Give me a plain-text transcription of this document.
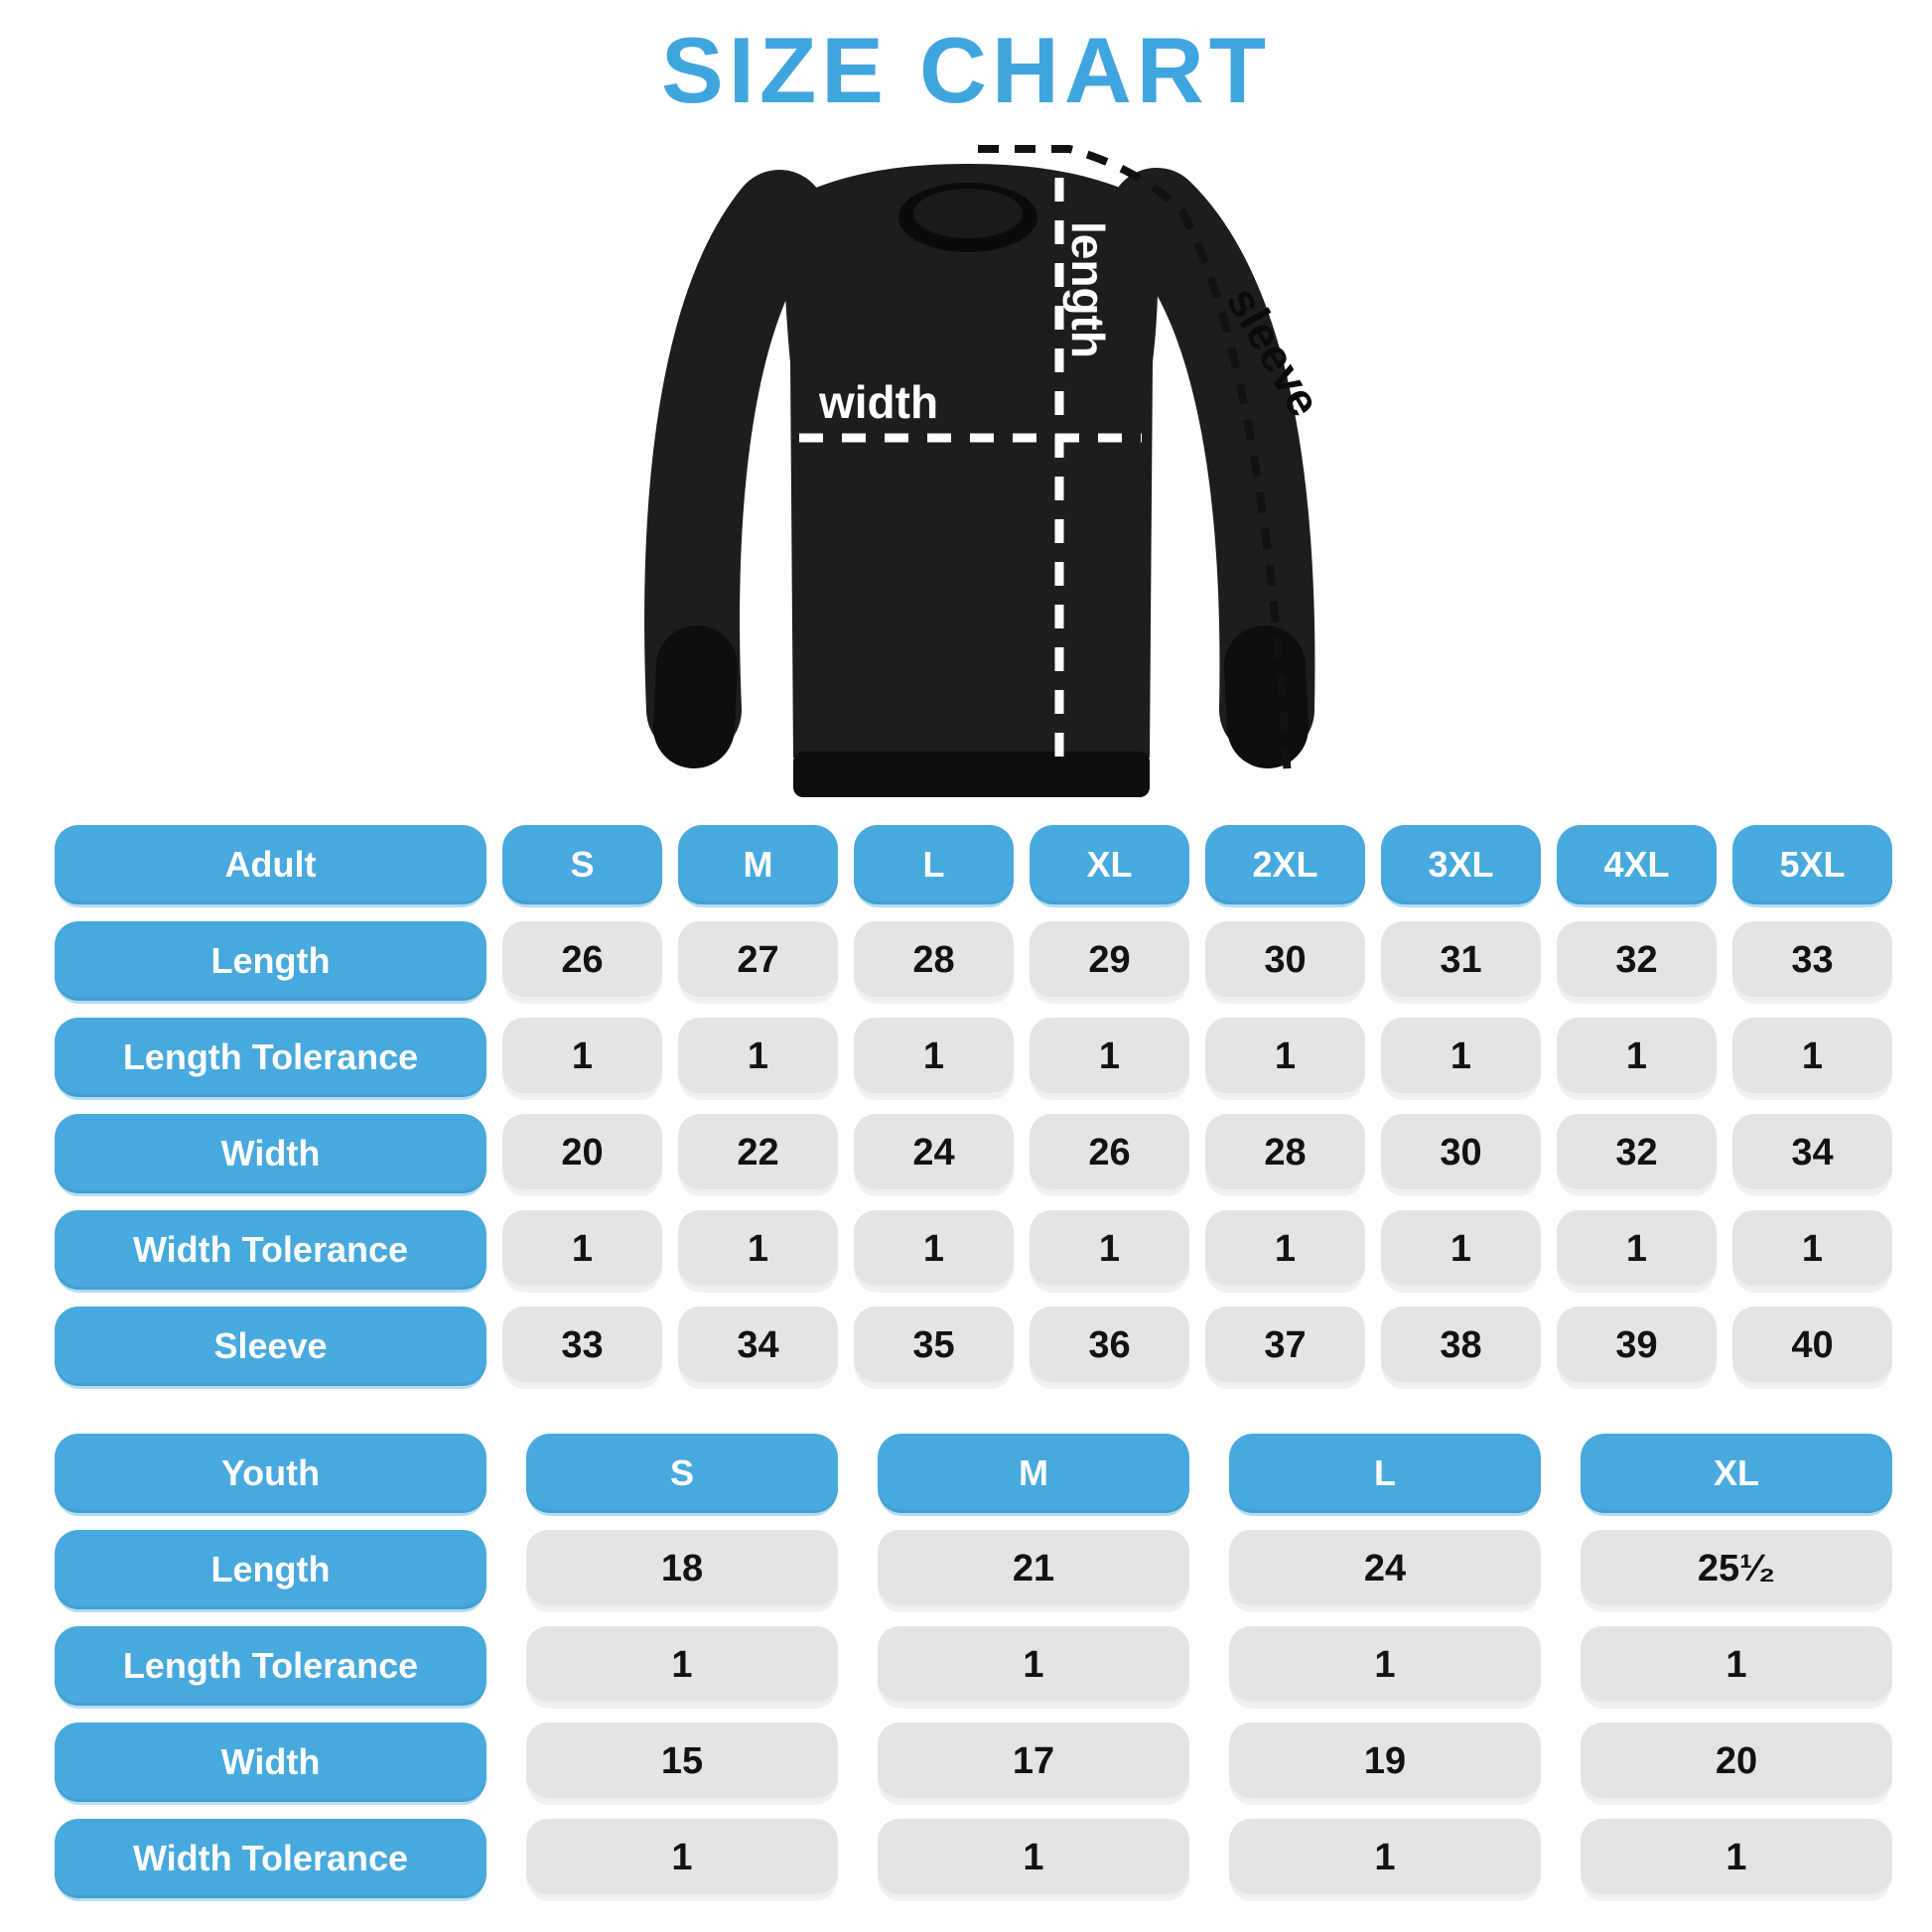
SIZE CHART
width
length sleeve
Adult	S	M	L	XL	2XL	3XL	4XL	5XL
Length	26	27	28	29	30	31	32	33
Length Tolerance	1	1	1	1	1	1	1	1
Width	20	22	24	26	28	30	32	34
Width Tolerance	1	1	1	1	1	1	1	1
Sleeve	33	34	35	36	37	38	39	40
Youth	S	M	L	XL
Length	18	21	24	25¹⁄₂
Length Tolerance	1	1	1	1
Width	15	17	19	20
Width Tolerance	1	1	1	1
